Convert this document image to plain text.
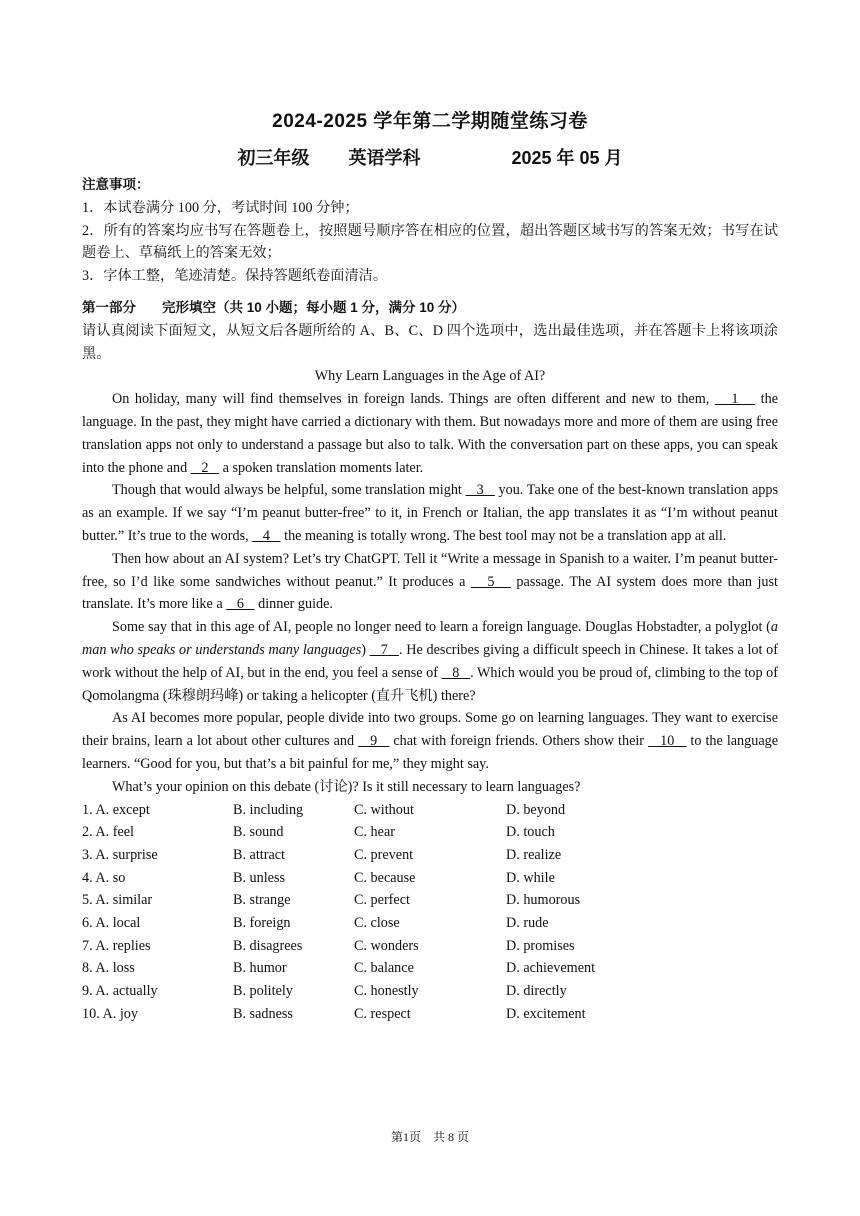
2024-2025 学年第二学期随堂练习卷
初三年级 英语学科	2025 年 05 月
注意事项：

1．本试卷满分 100 分，考试时间 100 分钟；

2．所有的答案均应书写在答题卷上，按照题号顺序答在相应的位置，超出答题区域书写的答案无效；书写在试题卷上、草稿纸上的答案无效；

3．字体工整，笔迹清楚。保持答题纸卷面清洁。

第一部分 完形填空（共 10 小题；每小题 1 分，满分 10 分）
请认真阅读下面短文，从短文后各题所给的 A、B、C、D 四个选项中，选出最佳选项，并在答题卡上将该项涂黑。
Why Learn Languages in the Age of AI?

On holiday, many will find themselves in foreign lands. Things are often different and new to them,    1    the language. In the past, they might have carried a dictionary with them. But nowadays more and more of them are using free translation apps not only to understand a passage but also to talk. With the conversation part on these apps, you can speak into the phone and    2    a spoken translation moments later.

Though that would always be helpful, some translation might    3    you. Take one of the best-known translation apps as an example. If we say “I’m peanut butter-free” to it, in French or Italian, the app translates it as “I’m without peanut butter.” It’s true to the words,    4    the meaning is totally wrong. The best tool may not be a translation app at all.

Then how about an AI system? Let’s try ChatGPT. Tell it “Write a message in Spanish to a waiter. I’m peanut butter-free, so I’d like some sandwiches without peanut.” It produces a    5    passage. The AI system does more than just translate. It’s more like a    6    dinner guide.

Some say that in this age of AI, people no longer need to learn a foreign language. Douglas Hobstadter, a polyglot (a man who speaks or understands many languages)    7   . He describes giving a difficult speech in Chinese. It takes a lot of work without the help of AI, but in the end, you feel a sense of    8   . Which would you be proud of, climbing to the top of Qomolangma (珠穆朗玛峰) or taking a helicopter (直升飞机) there?

As AI becomes more popular, people divide into two groups. Some go on learning languages. They want to exercise their brains, learn a lot about other cultures and    9    chat with foreign friends. Others show their    10    to the language learners. “Good for you, but that’s a bit painful for me,” they might say.

What’s your opinion on this debate (讨论)? Is it still necessary to learn languages?

1. A. except	B. including	C. without	D. beyond
2. A. feel	B. sound	C. hear	D. touch
3. A. surprise	B. attract	C. prevent	D. realize
4. A. so	B. unless	C. because	D. while
5. A. similar	B. strange	C. perfect	D. humorous
6. A. local	B. foreign	C. close	D. rude
7. A. replies	B. disagrees	C. wonders	D. promises
8. A. loss	B. humor	C. balance	D. achievement
9. A. actually	B. politely	C. honestly	D. directly
10. A. joy	B. sadness	C. respect	D. excitement
第1页　共 8 页
